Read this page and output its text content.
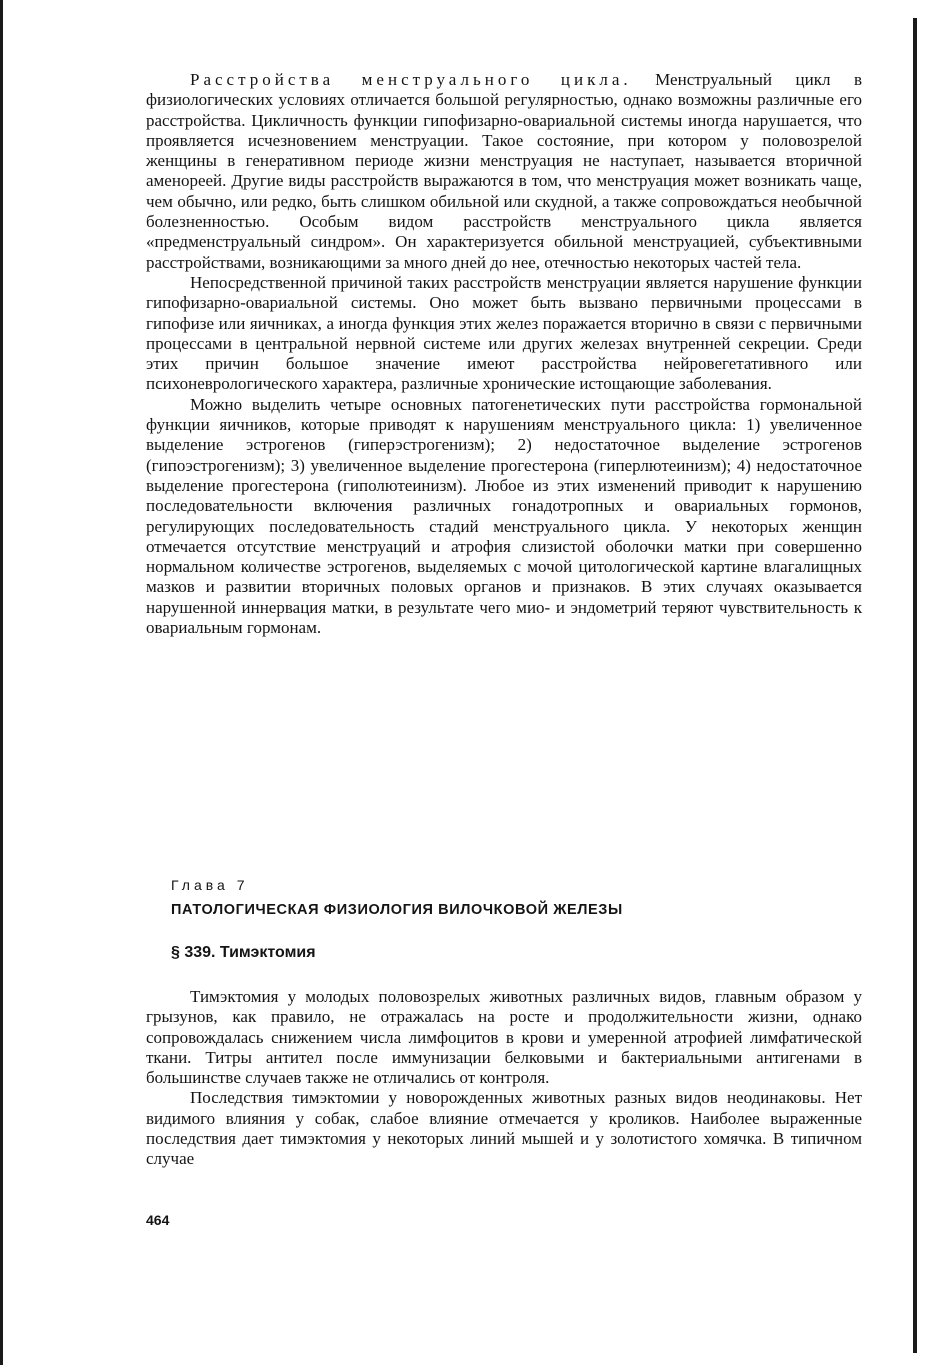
Расстройства менструального цикла. Менструальный цикл в физиологических условиях отличается большой регулярностью, однако возможны различные его расстройства. Цикличность функции гипофизарно-овариальной системы иногда нарушается, что проявляется исчезновением менструации. Такое состояние, при котором у половозрелой женщины в генеративном периоде жизни менструация не наступает, называется вторичной аменореей. Другие виды расстройств выражаются в том, что менструация может возникать чаще, чем обычно, или редко, быть слишком обильной или скудной, а также сопровождаться необычной болезненностью. Особым видом расстройств менструального цикла является «предменструальный синдром». Он характеризуется обильной менструацией, субъективными расстройствами, возникающими за много дней до нее, отечностью некоторых частей тела.

Непосредственной причиной таких расстройств менструации является нарушение функции гипофизарно-овариальной системы. Оно может быть вызвано первичными процессами в гипофизе или яичниках, а иногда функция этих желез поражается вторично в связи с первичными процессами в центральной нервной системе или других железах внутренней секреции. Среди этих причин большое значение имеют расстройства нейровегетативного или психоневрологического характера, различные хронические истощающие заболевания.

Можно выделить четыре основных патогенетических пути расстройства гормональной функции яичников, которые приводят к нарушениям менструального цикла: 1) увеличенное выделение эстрогенов (гиперэстрогенизм); 2) недостаточное выделение эстрогенов (гипоэстрогенизм); 3) увеличенное выделение прогестерона (гиперлютеинизм); 4) недостаточное выделение прогестерона (гиполютеинизм). Любое из этих изменений приводит к нарушению последовательности включения различных гонадотропных и овариальных гормонов, регулирующих последовательность стадий менструального цикла. У некоторых женщин отмечается отсутствие менструаций и атрофия слизистой оболочки матки при совершенно нормальном количестве эстрогенов, выделяемых с мочой цитологической картине влагалищных мазков и развитии вторичных половых органов и признаков. В этих случаях оказывается нарушенной иннервация матки, в результате чего мио- и эндометрий теряют чувствительность к овариальным гормонам.

Глава 7
ПАТОЛОГИЧЕСКАЯ ФИЗИОЛОГИЯ ВИЛОЧКОВОЙ ЖЕЛЕЗЫ
§ 339. Тимэктомия

Тимэктомия у молодых половозрелых животных различных видов, главным образом у грызунов, как правило, не отражалась на росте и продолжительности жизни, однако сопровождалась снижением числа лимфоцитов в крови и умеренной атрофией лимфатической ткани. Титры антител после иммунизации белковыми и бактериальными антигенами в большинстве случаев также не отличались от контроля.

Последствия тимэктомии у новорожденных животных разных видов неодинаковы. Нет видимого влияния у собак, слабое влияние отмечается у кроликов. Наиболее выраженные последствия дает тимэктомия у некоторых линий мышей и у золотистого хомячка. В типичном случае

464
